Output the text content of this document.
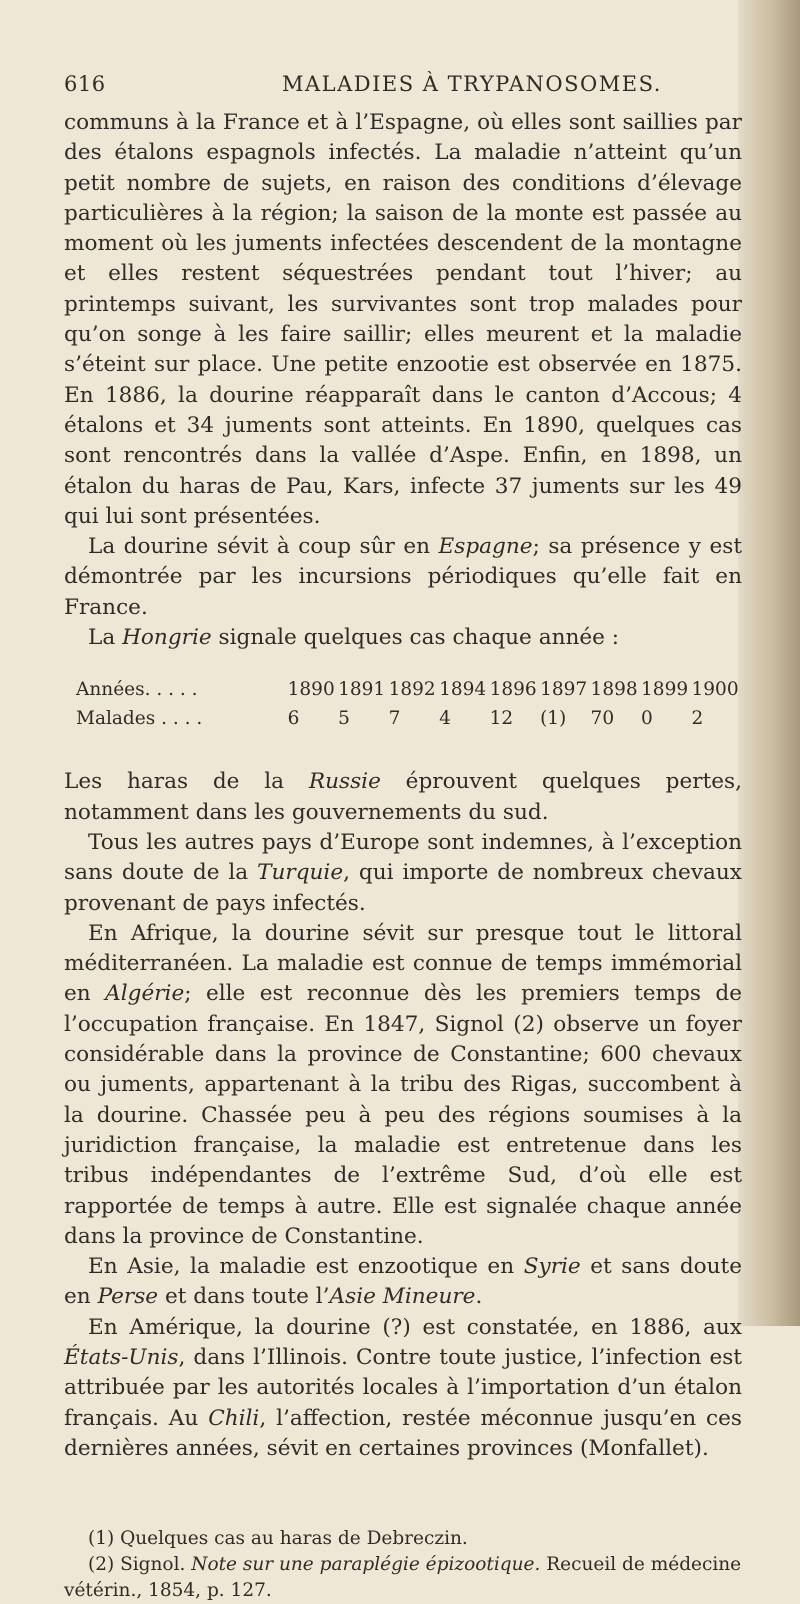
616	MALADIES À TRYPANOSOMES.

communs à la France et à l’Espagne, où elles sont saillies par des étalons espagnols infectés. La maladie n’atteint qu’un petit nombre de sujets, en raison des conditions d’élevage particulières à la région; la saison de la monte est passée au moment où les juments infectées descendent de la montagne et elles restent séquestrées pendant tout l’hiver; au printemps suivant, les survivantes sont trop malades pour qu’on songe à les faire saillir; elles meurent et la maladie s’éteint sur place. Une petite enzootie est observée en 1875. En 1886, la dourine réapparaît dans le canton d’Accous; 4 étalons et 34 juments sont atteints. En 1890, quelques cas sont rencontrés dans la vallée d’Aspe. Enfin, en 1898, un étalon du haras de Pau, Kars, infecte 37 juments sur les 49 qui lui sont présentées.

La dourine sévit à coup sûr en Espagne; sa présence y est démontrée par les incursions périodiques qu’elle fait en France.

La Hongrie signale quelques cas chaque année :

Années. . . . .	1890 1891 1892 1894 1896 1897 1898 1899 1900
Malades . . . .	6	5	7	4	12	(1)	70	0	2

Les haras de la Russie éprouvent quelques pertes, notamment dans les gouvernements du sud.

Tous les autres pays d’Europe sont indemnes, à l’exception sans doute de la Turquie, qui importe de nombreux chevaux provenant de pays infectés.

En Afrique, la dourine sévit sur presque tout le littoral méditerranéen. La maladie est connue de temps immémorial en Algérie; elle est reconnue dès les premiers temps de l’occupation française. En 1847, Signol (2) observe un foyer considérable dans la province de Constantine; 600 chevaux ou juments, appartenant à la tribu des Rigas, succombent à la dourine. Chassée peu à peu des régions soumises à la juridiction française, la maladie est entretenue dans les tribus indépendantes de l’extrême Sud, d’où elle est rapportée de temps à autre. Elle est signalée chaque année dans la province de Constantine.

En Asie, la maladie est enzootique en Syrie et sans doute en Perse et dans toute l’Asie Mineure.

En Amérique, la dourine (?) est constatée, en 1886, aux États-Unis, dans l’Illinois. Contre toute justice, l’infection est attribuée par les autorités locales à l’importation d’un étalon français. Au Chili, l’affection, restée méconnue jusqu’en ces dernières années, sévit en certaines provinces (Monfallet).

(1) Quelques cas au haras de Debreczin.

(2) Signol. Note sur une paraplégie épizootique. Recueil de médecine vétérin., 1854, p. 127.
